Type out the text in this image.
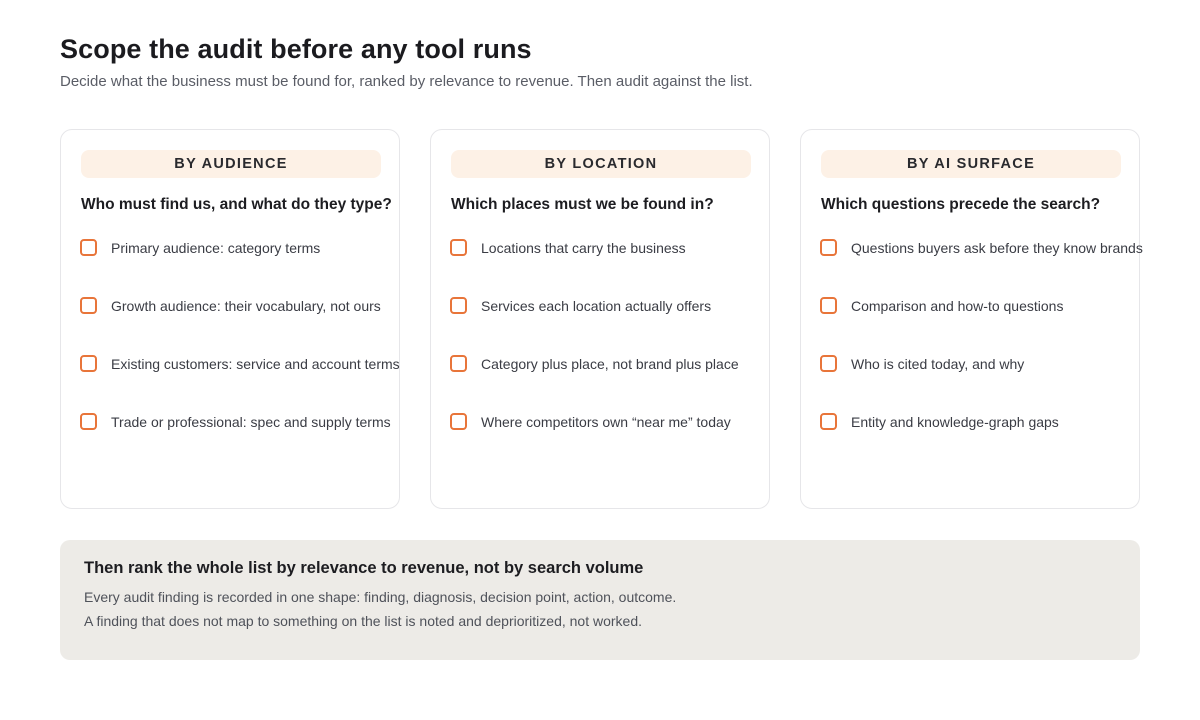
Scope the audit before any tool runs

Decide what the business must be found for, ranked by relevance to revenue. Then audit against the list.

BY AUDIENCE
Who must find us, and what do they type?
Primary audience: category terms
Growth audience: their vocabulary, not ours
Existing customers: service and account terms
Trade or professional: spec and supply terms
BY LOCATION
Which places must we be found in?
Locations that carry the business
Services each location actually offers
Category plus place, not brand plus place
Where competitors own “near me” today
BY AI SURFACE
Which questions precede the search?
Questions buyers ask before they know brands
Comparison and how-to questions
Who is cited today, and why
Entity and knowledge-graph gaps
Then rank the whole list by relevance to revenue, not by search volume

Every audit finding is recorded in one shape: finding, diagnosis, decision point, action, outcome.

A finding that does not map to something on the list is noted and deprioritized, not worked.
